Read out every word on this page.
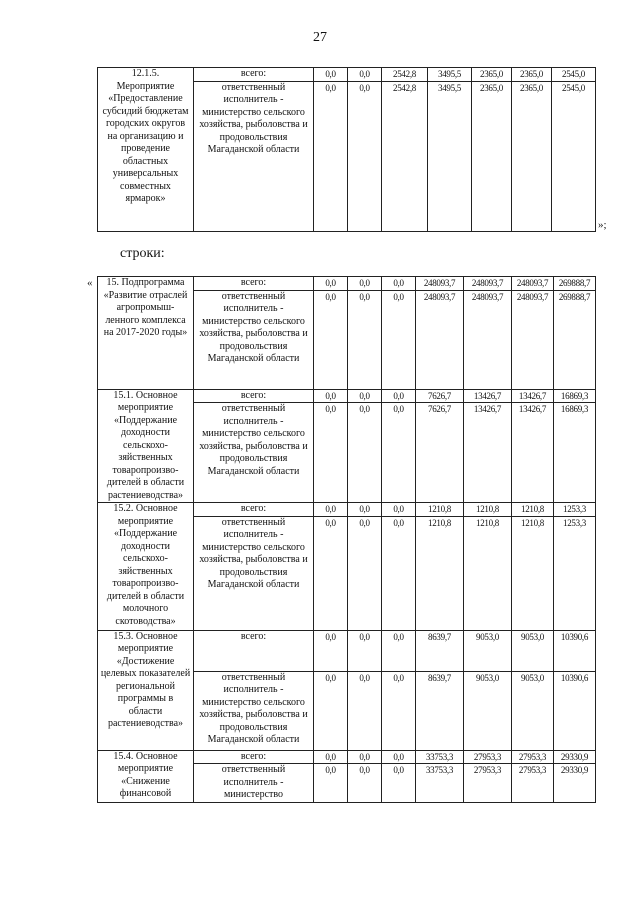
27
12.1.5.
Мероприятие «Предоставление субсидий бюджетам городских округов на организацию и проведение областных универсальных совместных ярмарок»	всего:	0,0	0,0	2542,8	3495,5	2365,0	2365,0	2545,0
	ответственный исполнитель - министерство сельского хозяйства, рыболовства и продовольствия Магаданской области	0,0	0,0	2542,8	3495,5	2365,0	2365,0	2545,0
»;
строки:
« 15. Подпрограмма «Развитие отраслей агропромыш-ленного комплекса на 2017-2020 годы»	всего:	0,0	0,0	0,0	248093,7	248093,7	248093,7	269888,7
	ответственный исполнитель - министерство сельского хозяйства, рыболовства и продовольствия Магаданской области	0,0	0,0	0,0	248093,7	248093,7	248093,7	269888,7
15.1. Основное мероприятие «Поддержание доходности сельскохо-зяйственных товаропроизво-дителей в области растениеводства»	всего:	0,0	0,0	0,0	7626,7	13426,7	13426,7	16869,3
	ответственный исполнитель - министерство сельского хозяйства, рыболовства и продовольствия Магаданской области	0,0	0,0	0,0	7626,7	13426,7	13426,7	16869,3
15.2. Основное мероприятие «Поддержание доходности сельскохо-зяйственных товаропроизво-дителей в области молочного скотоводства»	всего:	0,0	0,0	0,0	1210,8	1210,8	1210,8	1253,3
	ответственный исполнитель - министерство сельского хозяйства, рыболовства и продовольствия Магаданской области	0,0	0,0	0,0	1210,8	1210,8	1210,8	1253,3
15.3. Основное мероприятие «Достижение целевых показателей региональной программы в области растениеводства»	всего:	0,0	0,0	0,0	8639,7	9053,0	9053,0	10390,6
	ответственный исполнитель - министерство сельского хозяйства, рыболовства и продовольствия Магаданской области	0,0	0,0	0,0	8639,7	9053,0	9053,0	10390,6
15.4. Основное мероприятие «Снижение финансовой	всего:	0,0	0,0	0,0	33753,3	27953,3	27953,3	29330,9
	ответственный исполнитель - министерство	0,0	0,0	0,0	33753,3	27953,3	27953,3	29330,9
